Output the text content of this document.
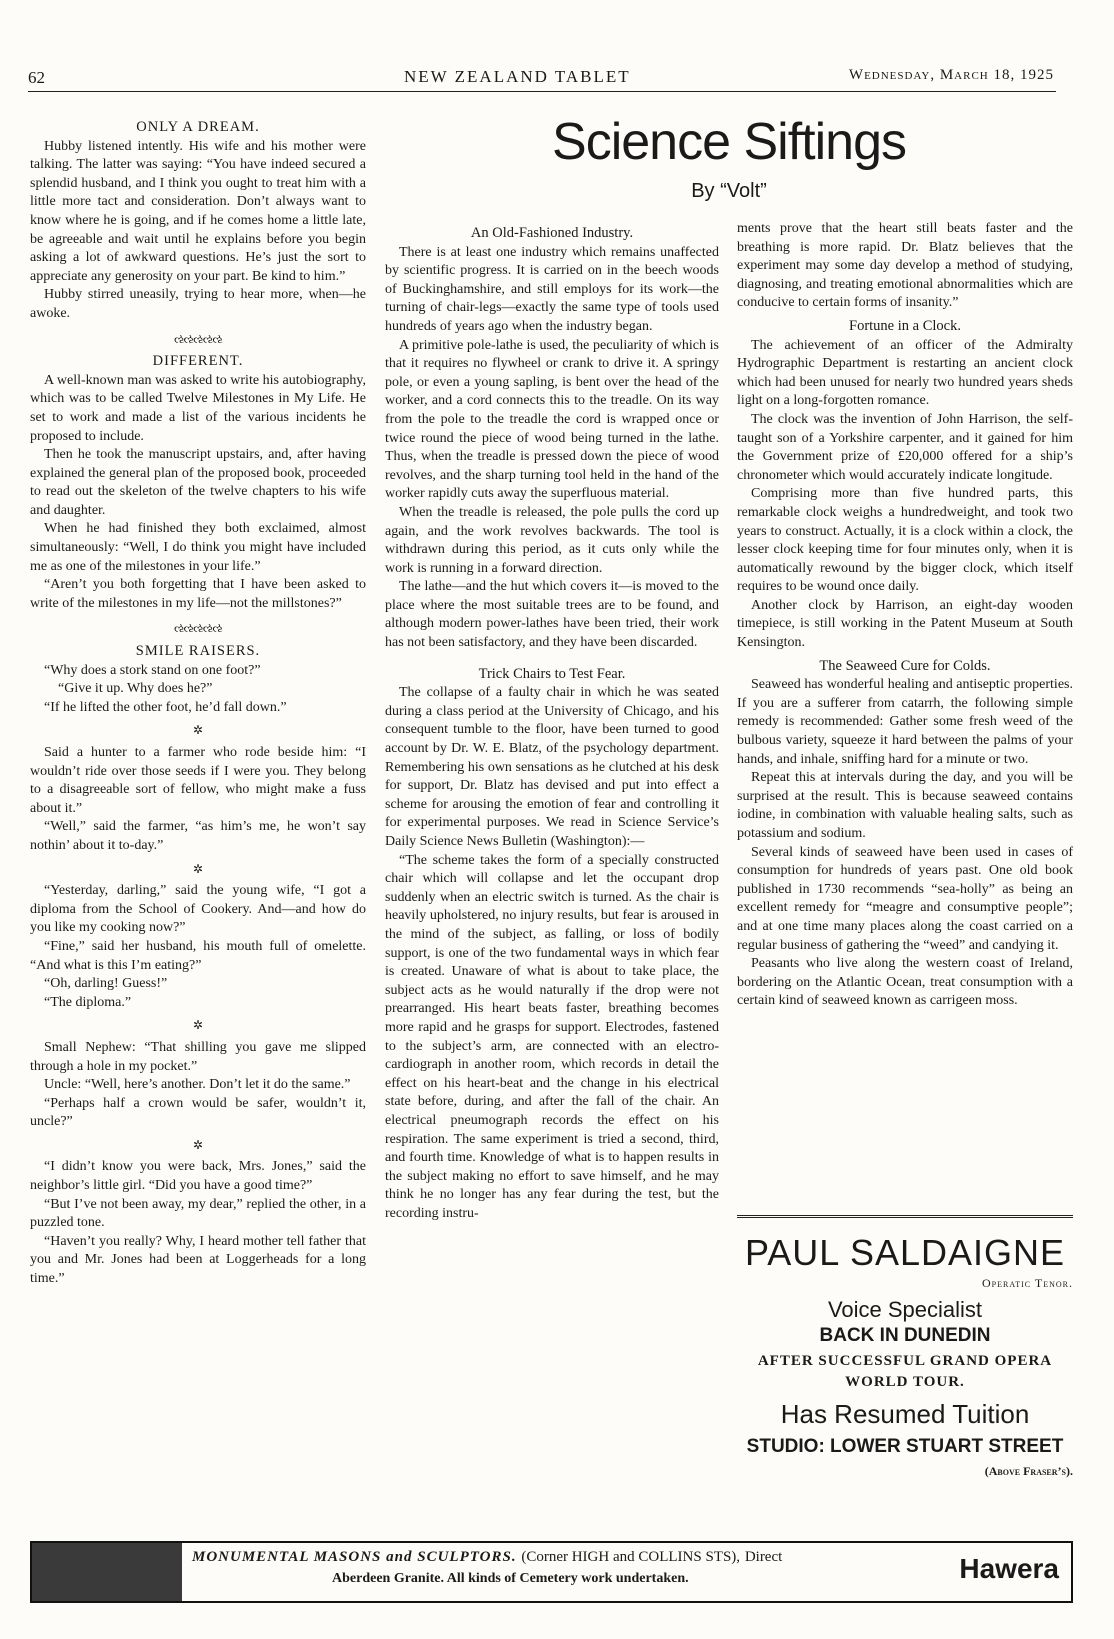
62	NEW ZEALAND TABLET	Wednesday, March 18, 1925
ONLY A DREAM.

Hubby listened intently. His wife and his mother were talking. The latter was saying: “You have indeed secured a splendid husband, and I think you ought to treat him with a little more tact and consideration. Don’t always want to know where he is going, and if he comes home a little late, be agreeable and wait until he explains before you begin asking a lot of awkward questions. He’s just the sort to appreciate any generosity on your part. Be kind to him.”

Hubby stirred uneasily, trying to hear more, when—he awoke.

ઌઌઌઌઌ
DIFFERENT.

A well-known man was asked to write his autobiography, which was to be called Twelve Milestones in My Life. He set to work and made a list of the various incidents he proposed to include.

Then he took the manuscript upstairs, and, after having explained the general plan of the proposed book, proceeded to read out the skeleton of the twelve chapters to his wife and daughter.

When he had finished they both exclaimed, almost simultaneously: “Well, I do think you might have included me as one of the milestones in your life.”

“Aren’t you both forgetting that I have been asked to write of the milestones in my life—not the millstones?”

ઌઌઌઌઌ
SMILE RAISERS.

“Why does a stork stand on one foot?”

“Give it up. Why does he?”

“If he lifted the other foot, he’d fall down.”

✲

Said a hunter to a farmer who rode beside him: “I wouldn’t ride over those seeds if I were you. They belong to a disagreeable sort of fellow, who might make a fuss about it.”

“Well,” said the farmer, “as him’s me, he won’t say nothin’ about it to-day.”

✲

“Yesterday, darling,” said the young wife, “I got a diploma from the School of Cookery. And—and how do you like my cooking now?”

“Fine,” said her husband, his mouth full of omelette. “And what is this I’m eating?”

“Oh, darling! Guess!”

“The diploma.”

✲

Small Nephew: “That shilling you gave me slipped through a hole in my pocket.”

Uncle: “Well, here’s another. Don’t let it do the same.”

“Perhaps half a crown would be safer, wouldn’t it, uncle?”

✲

“I didn’t know you were back, Mrs. Jones,” said the neighbor’s little girl. “Did you have a good time?”

“But I’ve not been away, my dear,” replied the other, in a puzzled tone.

“Haven’t you really? Why, I heard mother tell father that you and Mr. Jones had been at Loggerheads for a long time.”

Science Siftings
By “Volt”
An Old-Fashioned Industry.

There is at least one industry which remains unaffected by scientific progress. It is carried on in the beech woods of Buckinghamshire, and still employs for its work—the turning of chair-legs—exactly the same type of tools used hundreds of years ago when the industry began.

A primitive pole-lathe is used, the peculiarity of which is that it requires no flywheel or crank to drive it. A springy pole, or even a young sapling, is bent over the head of the worker, and a cord connects this to the treadle. On its way from the pole to the treadle the cord is wrapped once or twice round the piece of wood being turned in the lathe. Thus, when the treadle is pressed down the piece of wood revolves, and the sharp turning tool held in the hand of the worker rapidly cuts away the superfluous material.

When the treadle is released, the pole pulls the cord up again, and the work revolves backwards. The tool is withdrawn during this period, as it cuts only while the work is running in a forward direction.

The lathe—and the hut which covers it—is moved to the place where the most suitable trees are to be found, and although modern power-lathes have been tried, their work has not been satisfactory, and they have been discarded.

Trick Chairs to Test Fear.

The collapse of a faulty chair in which he was seated during a class period at the University of Chicago, and his consequent tumble to the floor, have been turned to good account by Dr. W. E. Blatz, of the psychology department. Remembering his own sensations as he clutched at his desk for support, Dr. Blatz has devised and put into effect a scheme for arousing the emotion of fear and controlling it for experimental purposes. We read in Science Service’s Daily Science News Bulletin (Washington):—

“The scheme takes the form of a specially constructed chair which will collapse and let the occupant drop suddenly when an electric switch is turned. As the chair is heavily upholstered, no injury results, but fear is aroused in the mind of the subject, as falling, or loss of bodily support, is one of the two fundamental ways in which fear is created. Unaware of what is about to take place, the subject acts as he would naturally if the drop were not prearranged. His heart beats faster, breathing becomes more rapid and he grasps for support. Electrodes, fastened to the subject’s arm, are connected with an electro-cardiograph in another room, which records in detail the effect on his heart-beat and the change in his electrical state before, during, and after the fall of the chair. An electrical pneumograph records the effect on his respiration. The same experiment is tried a second, third, and fourth time. Knowledge of what is to happen results in the subject making no effort to save himself, and he may think he no longer has any fear during the test, but the recording instru-

ments prove that the heart still beats faster and the breathing is more rapid. Dr. Blatz believes that the experiment may some day develop a method of studying, diagnosing, and treating emotional abnormalities which are conducive to certain forms of insanity.”

Fortune in a Clock.

The achievement of an officer of the Admiralty Hydrographic Department is restarting an ancient clock which had been unused for nearly two hundred years sheds light on a long-forgotten romance.

The clock was the invention of John Harrison, the self-taught son of a Yorkshire carpenter, and it gained for him the Government prize of £20,000 offered for a ship’s chronometer which would accurately indicate longitude.

Comprising more than five hundred parts, this remarkable clock weighs a hundredweight, and took two years to construct. Actually, it is a clock within a clock, the lesser clock keeping time for four minutes only, when it is automatically rewound by the bigger clock, which itself requires to be wound once daily.

Another clock by Harrison, an eight-day wooden timepiece, is still working in the Patent Museum at South Kensington.

The Seaweed Cure for Colds.

Seaweed has wonderful healing and antiseptic properties. If you are a sufferer from catarrh, the following simple remedy is recommended: Gather some fresh weed of the bulbous variety, squeeze it hard between the palms of your hands, and inhale, sniffing hard for a minute or two.

Repeat this at intervals during the day, and you will be surprised at the result. This is because seaweed contains iodine, in combination with valuable healing salts, such as potassium and sodium.

Several kinds of seaweed have been used in cases of consumption for hundreds of years past. One old book published in 1730 recommends “sea-holly” as being an excellent remedy for “meagre and consumptive people”; and at one time many places along the coast carried on a regular business of gathering the “weed” and candying it.

Peasants who live along the western coast of Ireland, bordering on the Atlantic Ocean, treat consumption with a certain kind of seaweed known as carrigeen moss.

PAUL SALDAIGNE
Operatic Tenor.
Voice Specialist
BACK IN DUNEDIN
AFTER SUCCESSFUL GRAND OPERA
WORLD TOUR.
Has Resumed Tuition
STUDIO: LOWER STUART STREET
(Above Fraser’s).
MONUMENTAL MASONS and SCULPTORS. (Corner HIGH and COLLINS STS), Direct
Aberdeen Granite. All kinds of Cemetery work undertaken.	Hawera
